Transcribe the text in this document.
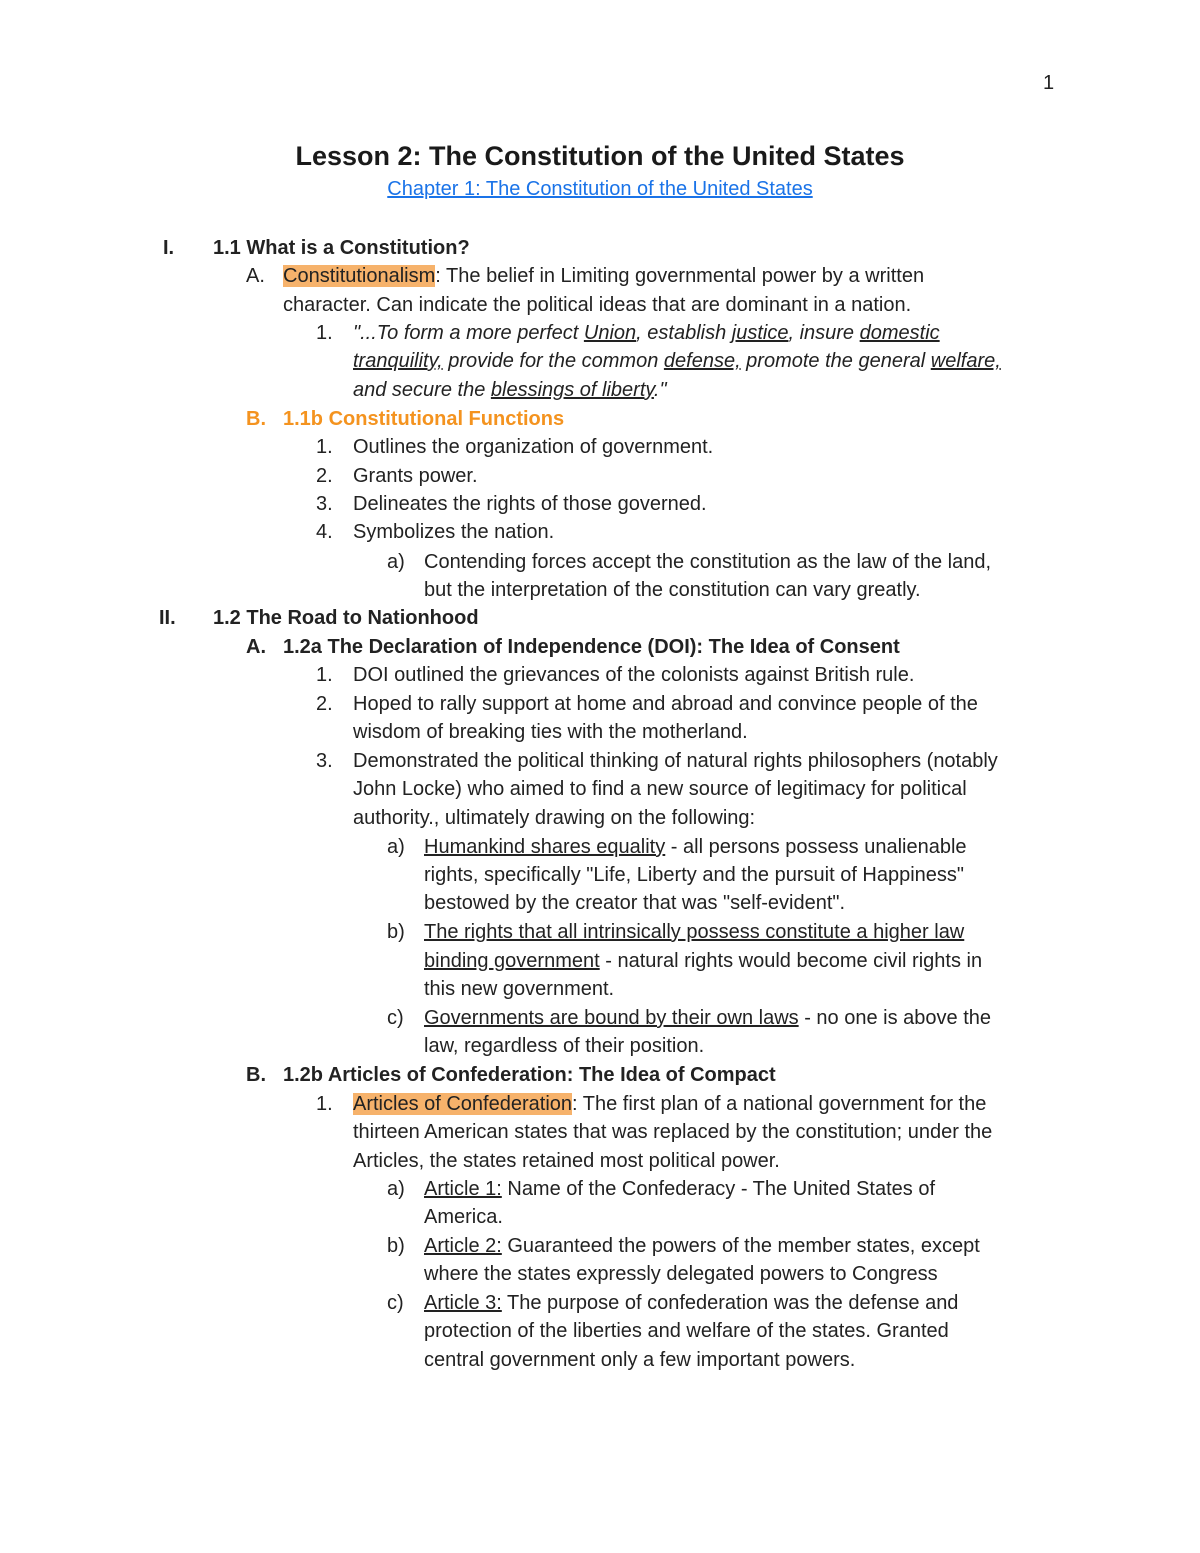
1
Lesson 2: The Constitution of the United States
Chapter 1: The Constitution of the United States
I. 1.1 What is a Constitution?
A. Constitutionalism: The belief in Limiting governmental power by a written
character. Can indicate the political ideas that are dominant in a nation.
1. "...To form a more perfect Union, establish justice, insure domestic
tranquility, provide for the common defense, promote the general welfare,
and secure the blessings of liberty."
B. 1.1b Constitutional Functions
1. Outlines the organization of government.
2. Grants power.
3. Delineates the rights of those governed.
4. Symbolizes the nation.
a) Contending forces accept the constitution as the law of the land,
but the interpretation of the constitution can vary greatly.
II. 1.2 The Road to Nationhood
A. 1.2a The Declaration of Independence (DOI): The Idea of Consent
1. DOI outlined the grievances of the colonists against British rule.
2. Hoped to rally support at home and abroad and convince people of the
wisdom of breaking ties with the motherland.
3. Demonstrated the political thinking of natural rights philosophers (notably
John Locke) who aimed to find a new source of legitimacy for political
authority., ultimately drawing on the following:
a) Humankind shares equality - all persons possess unalienable
rights, specifically "Life, Liberty and the pursuit of Happiness"
bestowed by the creator that was "self-evident".
b) The rights that all intrinsically possess constitute a higher law
binding government - natural rights would become civil rights in
this new government.
c) Governments are bound by their own laws - no one is above the
law, regardless of their position.
B. 1.2b Articles of Confederation: The Idea of Compact
1. Articles of Confederation: The first plan of a national government for the
thirteen American states that was replaced by the constitution; under the
Articles, the states retained most political power.
a) Article 1: Name of the Confederacy - The United States of
America.
b) Article 2: Guaranteed the powers of the member states, except
where the states expressly delegated powers to Congress
c) Article 3: The purpose of confederation was the defense and
protection of the liberties and welfare of the states. Granted
central government only a few important powers.
